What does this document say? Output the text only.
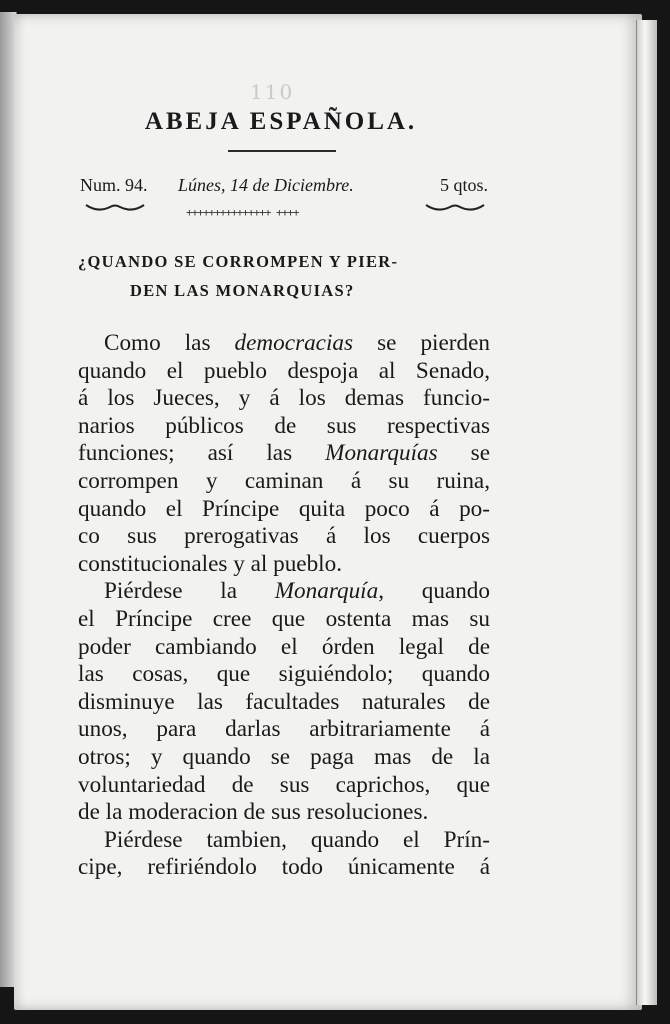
110
ABEJA ESPAÑOLA.
Num. 94. Lúnes, 14 de Diciembre.	5 qtos.
+++++++++++++++ ++++
¿QUANDO SE CORROMPEN Y PIER-
DEN LAS MONARQUIAS?
Como las democracias se pierden
quando el pueblo despoja al Senado,
á los Jueces, y á los demas funcio-
narios públicos de sus respectivas
funciones; así las Monarquías se
corrompen y caminan á su ruina,
quando el Príncipe quita poco á po-
co sus prerogativas á los cuerpos
constitucionales y al pueblo.
Piérdese la Monarquía, quando
el Príncipe cree que ostenta mas su
poder cambiando el órden legal de
las cosas, que siguiéndolo; quando
disminuye las facultades naturales de
unos, para darlas arbitrariamente á
otros; y quando se paga mas de la
voluntariedad de sus caprichos, que
de la moderacion de sus resoluciones.
Piérdese tambien, quando el Prín-
cipe, refiriéndolo todo únicamente á
